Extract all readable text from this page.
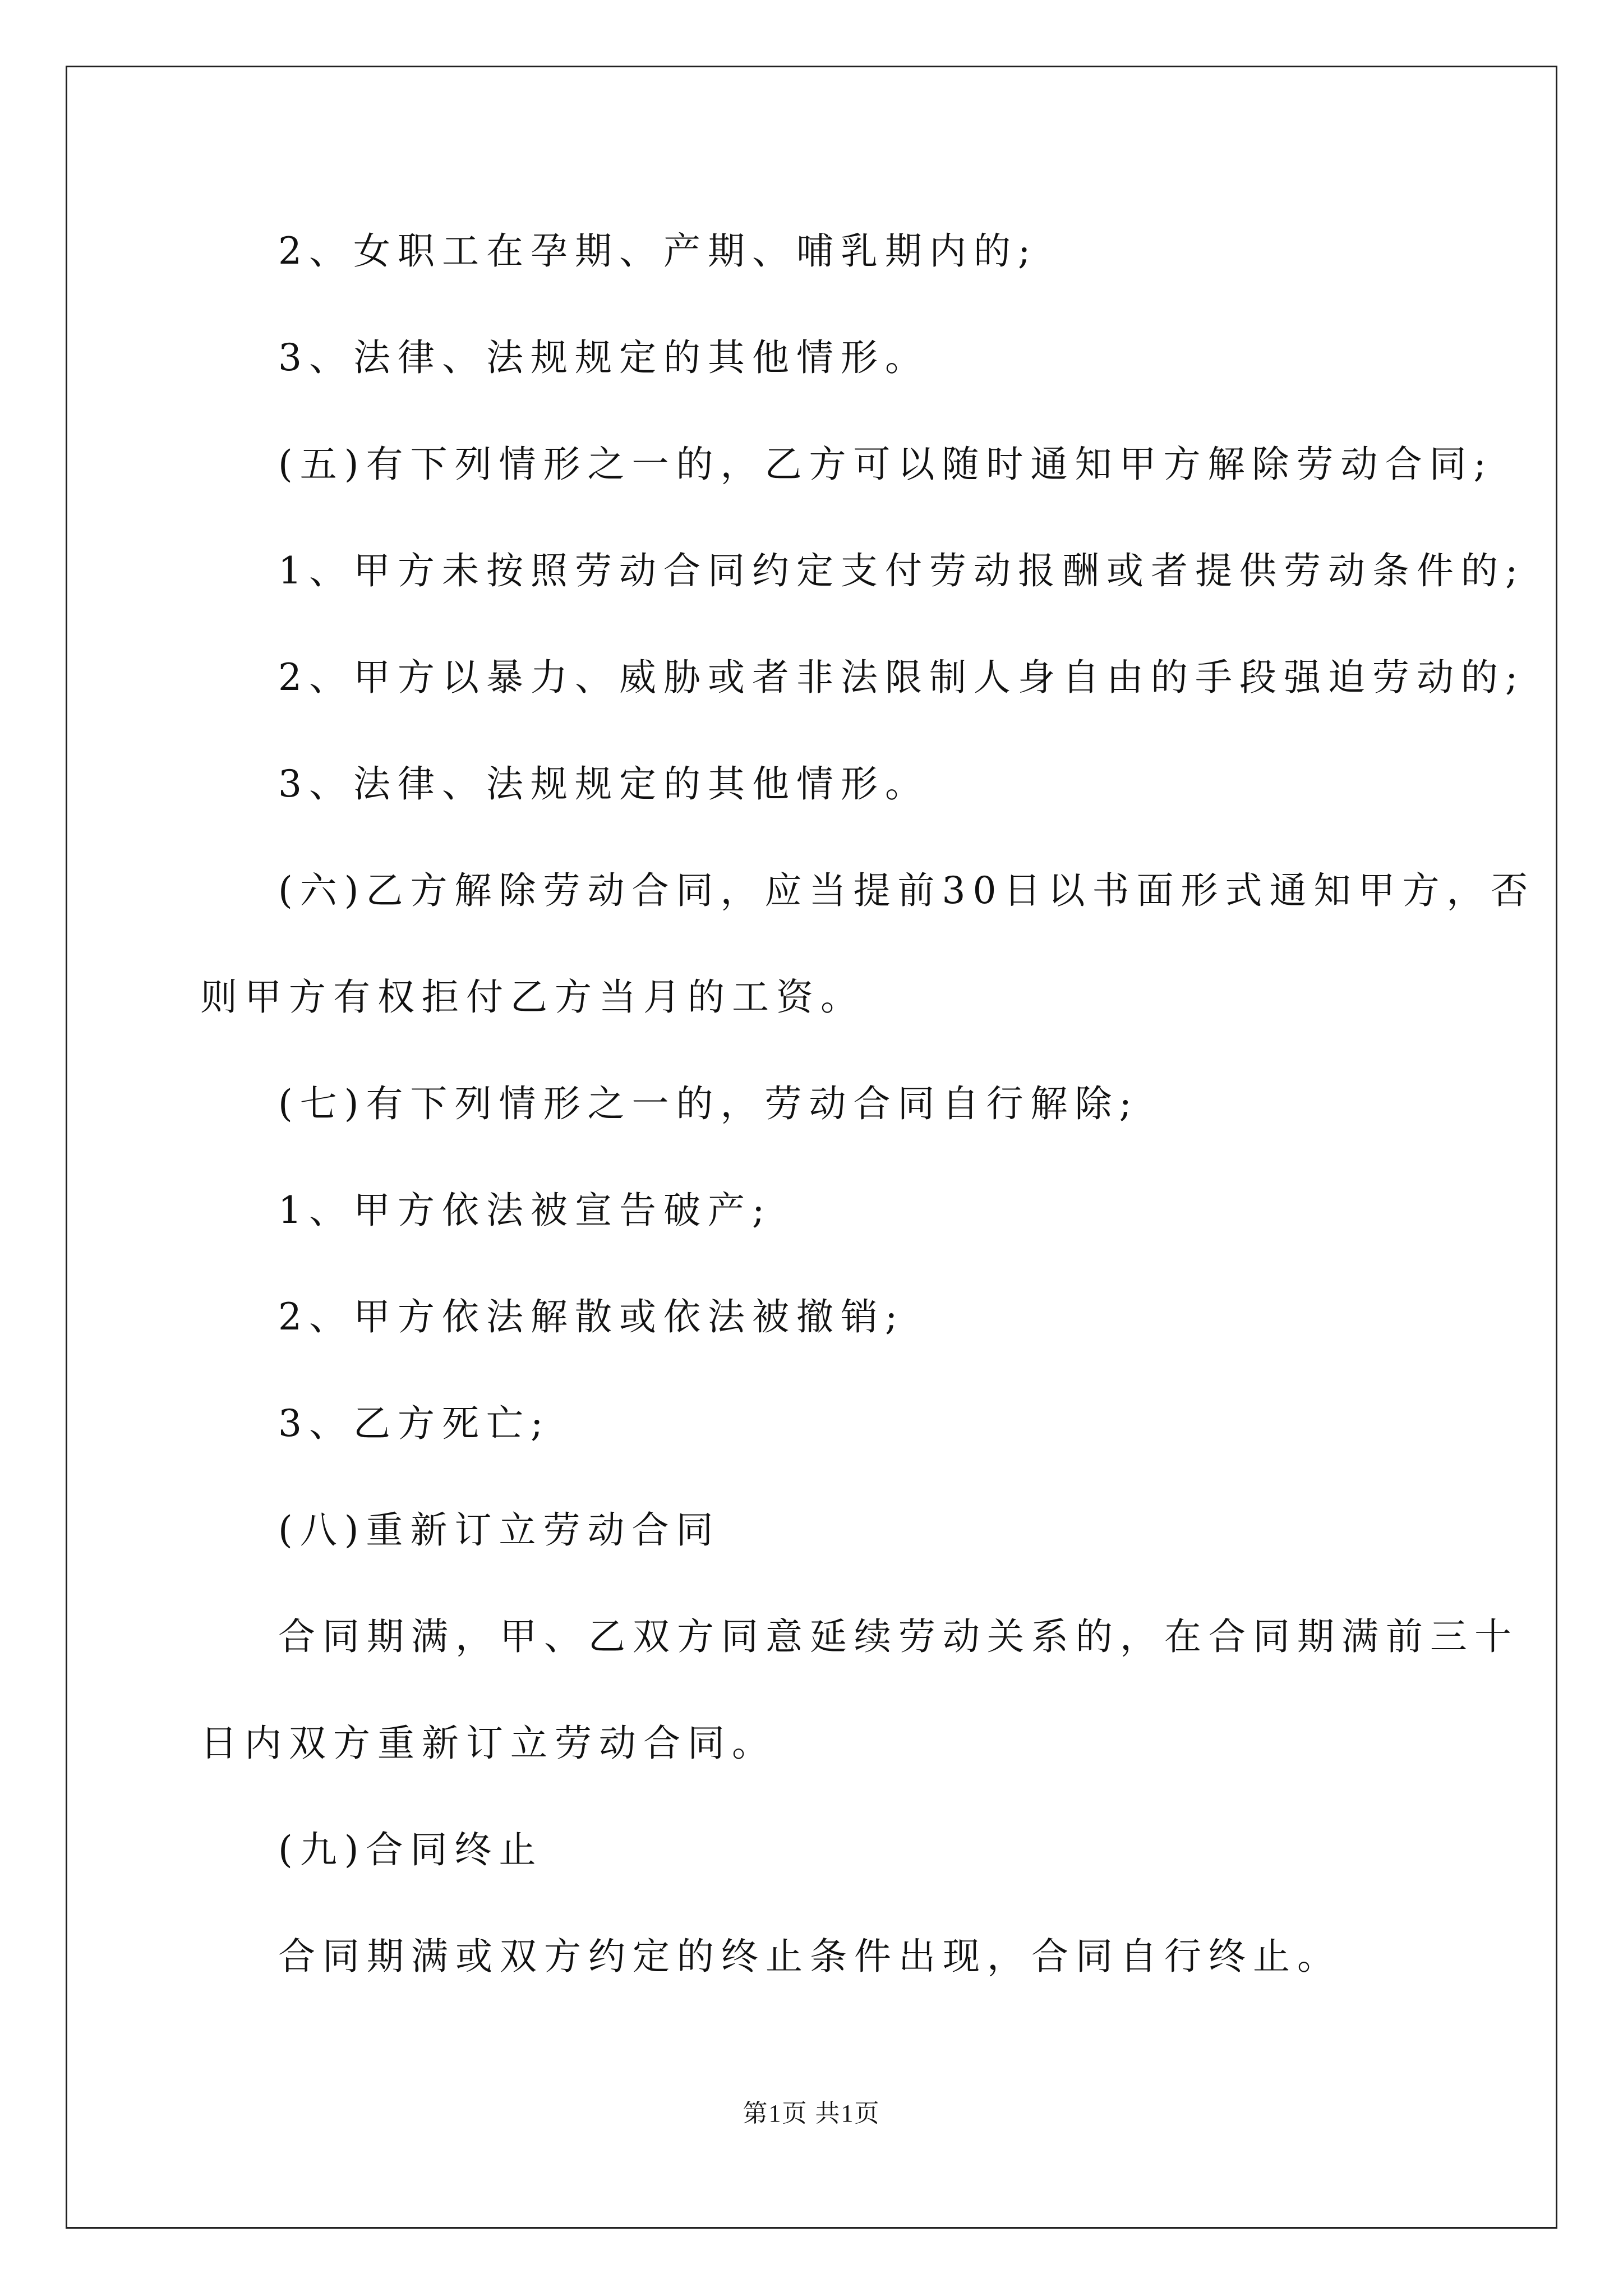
2、女职工在孕期、产期、哺乳期内的;
3、法律、法规规定的其他情形。
(五)有下列情形之一的，乙方可以随时通知甲方解除劳动合同;
1、甲方未按照劳动合同约定支付劳动报酬或者提供劳动条件的;
2、甲方以暴力、威胁或者非法限制人身自由的手段强迫劳动的;
3、法律、法规规定的其他情形。
(六)乙方解除劳动合同，应当提前30日以书面形式通知甲方，否
则甲方有权拒付乙方当月的工资。
(七)有下列情形之一的，劳动合同自行解除;
1、甲方依法被宣告破产;
2、甲方依法解散或依法被撤销;
3、乙方死亡;
(八)重新订立劳动合同
合同期满，甲、乙双方同意延续劳动关系的，在合同期满前三十
日内双方重新订立劳动合同。
(九)合同终止
合同期满或双方约定的终止条件出现，合同自行终止。
第1页 共1页
